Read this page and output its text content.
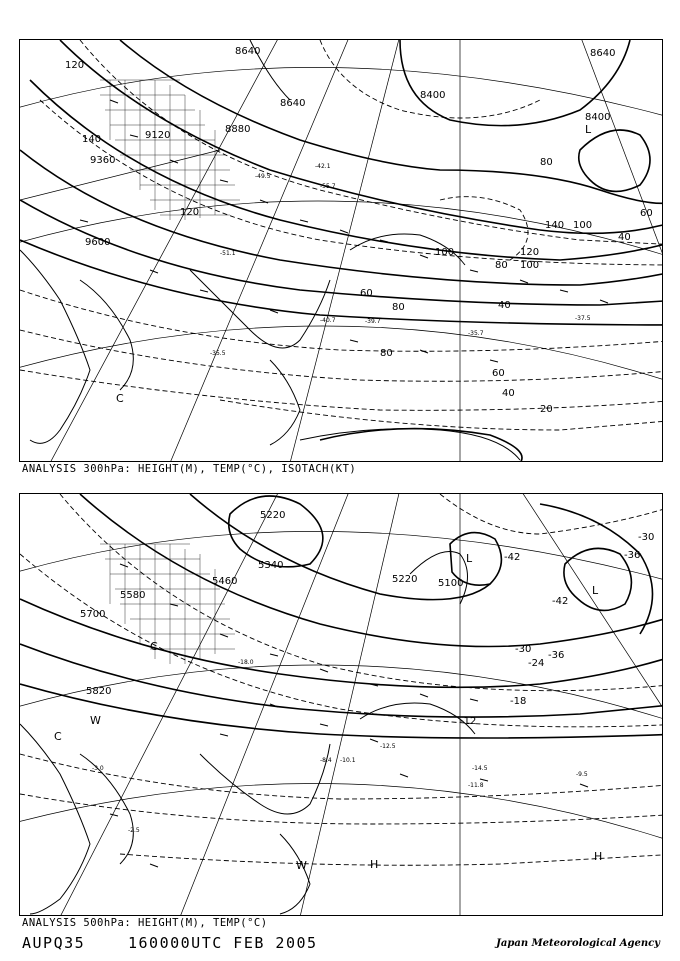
8640
8400
8400
9360
9600
9120
8880
8640
8640
120
140
120
100
80
60
40
20
80
60
40
80
100
120
140
40
60
80
100
L
C
-55.7
-39.7
-35.7
-49.5
-51.1
-42.1
-35.5
-40.7	-37.5
ANALYSIS 300hPa: HEIGHT(M), TEMP(°C), ISOTACH(KT)
5220
5340
5100
5220
5460
5580
5700
5820
-42	-36
-30
-36
-42
-30
-24
-18
-12
L
L
H
H
C
W
C
W
-14.5
-12.5
-11.8
-10.1
-8.4
-9.5
-3.0
-2.5
-18.0
ANALYSIS 500hPa: HEIGHT(M), TEMP(°C)
AUPQ35	160000UTC FEB 2005	Japan Meteorological Agency
